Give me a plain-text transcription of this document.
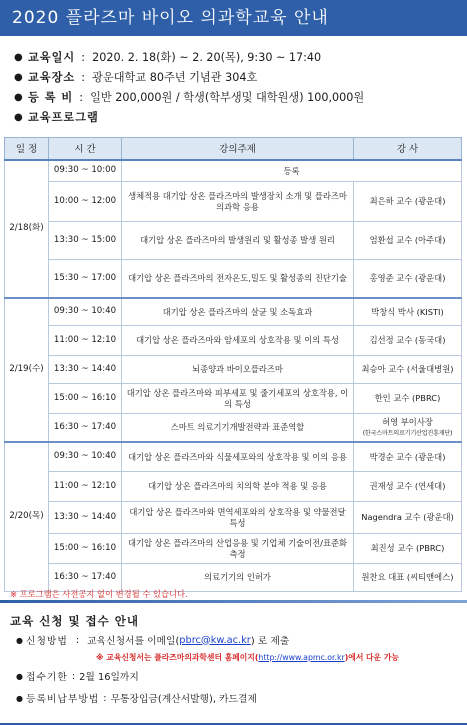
2020 플라즈마 바이오 의과학교육 안내
● 교육일시 :  2020. 2. 18(화) ~ 2. 20(목), 9:30 ~ 17:40
● 교육장소 :  광운대학교 80주년 기념관 304호
● 등 록 비 :  일반 200,000원 / 학생(학부생및 대학원생) 100,000원
● 교육프로그램
일 정	시 간	강의주제	강 사
2/18(화)	09:30 ~ 10:00	등록	
	10:00 ~ 12:00	생체적용 대기압 상온 플라즈마의 발생장치 소개 및 플라즈마 의과학 응용	최은하 교수 (광운대)
	13:30 ~ 15:00	대기압 상온 플라즈마의 발생원리 및 활성종 발생 원리	엄환섭 교수 (아주대)
	15:30 ~ 17:00	대기압 상온 플라즈마의 전자온도,밀도 및 활성종의 진단기술	홍영준 교수 (광운대)
2/19(수)	09:30 ~ 10:40	대기압 상온 플라즈마의 살균 및 소독효과	박창식 박사 (KISTI)
	11:00 ~ 12:10	대기압 상온 플라즈마와 암세포의 상호작용 및 이의 특성	김선정 교수 (동국대)
	13:30 ~ 14:40	뇌종양과 바이오플라즈마	최승아 교수 (서울대병원)
	15:00 ~ 16:10	대기압 상온 플라즈마와 피부세포 및 줄기세포의 상호작용, 이의 특성	한인 교수 (PBRC)
	16:30 ~ 17:40	스마트 의료기기개발전략과 표준역할	허영 부이사장
(한국스마트의료기기산업진흥재단)
2/20(목)	09:30 ~ 10:40	대기압 상온 플라즈마와 식물세포와의 상호작용 및 이의 응용	박경순 교수 (광운대)
	11:00 ~ 12:10	대기압 상온 플라즈마의 치의학 분야 적용 및 응용	권재성 교수 (연세대)
	13:30 ~ 14:40	대기압 상온 플라즈마와 면역세포와의 상호작용 및 약물전달 특성	Nagendra 교수 (광운대)
	15:00 ~ 16:10	대기압 상온 플라즈마의 산업응용 및 기업체 기술이전/표준화 측정	최진성 교수 (PBRC)
	16:30 ~ 17:40	의료기기의 인허가	원찬요 대표 (씨티앤에스)
※ 프로그램은 사전공지 없이 변경될 수 있습니다.
교육 신청 및 접수 안내
● 신청방법 : 교육신청서를 이메일( pbrc@kw.ac.kr ) 로 제출
※ 교육신청서는 플라즈마의과학센터 홈페이지(http://www.apmc.or.kr)에서 다운 가능
● 접수기한 : 2월 16일까지
● 등록비납부방법 : 무통장입금(계산서발행), 카드결제
